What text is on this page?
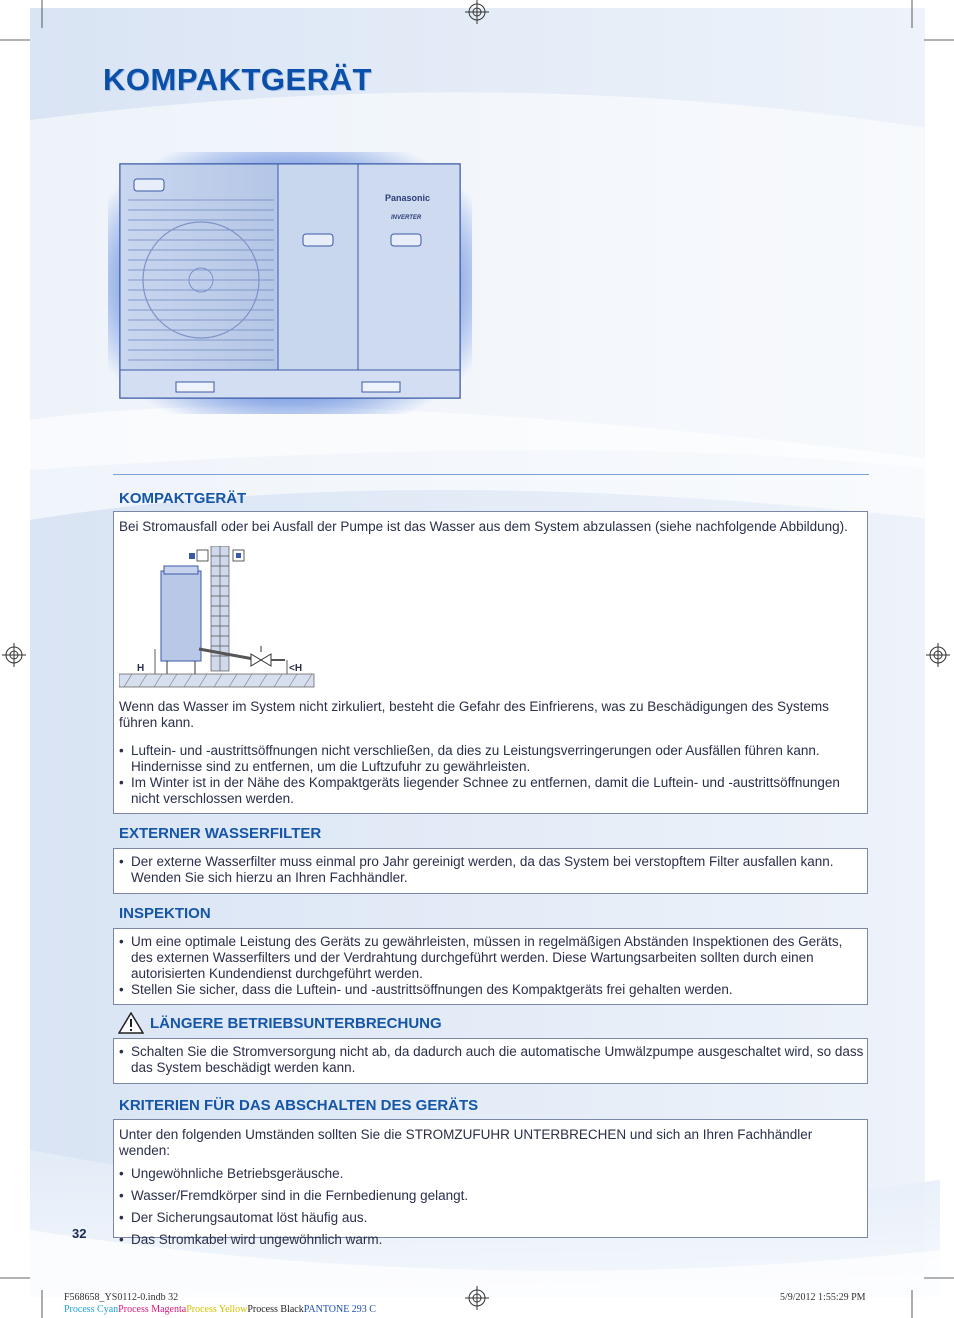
KOMPAKTGERÄT
Panasonic
INVERTER
KOMPAKTGERÄT

Bei Stromausfall oder bei Ausfall der Pumpe ist das Wasser aus dem System abzulassen (siehe nachfolgende Abbildung).

H	<H

Wenn das Wasser im System nicht zirkuliert, besteht die Gefahr des Einfrierens, was zu Beschädigungen des Systems führen kann.

• Luftein- und -austrittsöffnungen nicht verschließen, da dies zu Leistungsverringerungen oder Ausfällen führen kann. Hindernisse sind zu entfernen, um die Luftzufuhr zu gewährleisten.

• Im Winter ist in der Nähe des Kompaktgeräts liegender Schnee zu entfernen, damit die Luftein- und -austrittsöffnungen nicht verschlossen werden.

EXTERNER WASSERFILTER

• Der externe Wasserfilter muss einmal pro Jahr gereinigt werden, da das System bei verstopftem Filter ausfallen kann. Wenden Sie sich hierzu an Ihren Fachhändler.

INSPEKTION

• Um eine optimale Leistung des Geräts zu gewährleisten, müssen in regelmäßigen Abständen Inspektionen des Geräts, des externen Wasserfilters und der Verdrahtung durchgeführt werden. Diese Wartungsarbeiten sollten durch einen autorisierten Kundendienst durchgeführt werden.

• Stellen Sie sicher, dass die Luftein- und -austrittsöffnungen des Kompaktgeräts frei gehalten werden.

LÄNGERE BETRIEBSUNTERBRECHUNG

• Schalten Sie die Stromversorgung nicht ab, da dadurch auch die automatische Umwälzpumpe ausgeschaltet wird, so dass das System beschädigt werden kann.

KRITERIEN FÜR DAS ABSCHALTEN DES GERÄTS

Unter den folgenden Umständen sollten Sie die STROMZUFUHR UNTERBRECHEN und sich an Ihren Fachhändler wenden:

• Ungewöhnliche Betriebsgeräusche.

• Wasser/Fremdkörper sind in die Fernbedienung gelangt.

• Der Sicherungsautomat löst häufig aus.

• Das Stromkabel wird ungewöhnlich warm.

32
F568658_YS0112-0.indb 32	5/9/2012 1:55:29 PM
Process CyanProcess MagentaProcess YellowProcess BlackPANTONE 293 C
